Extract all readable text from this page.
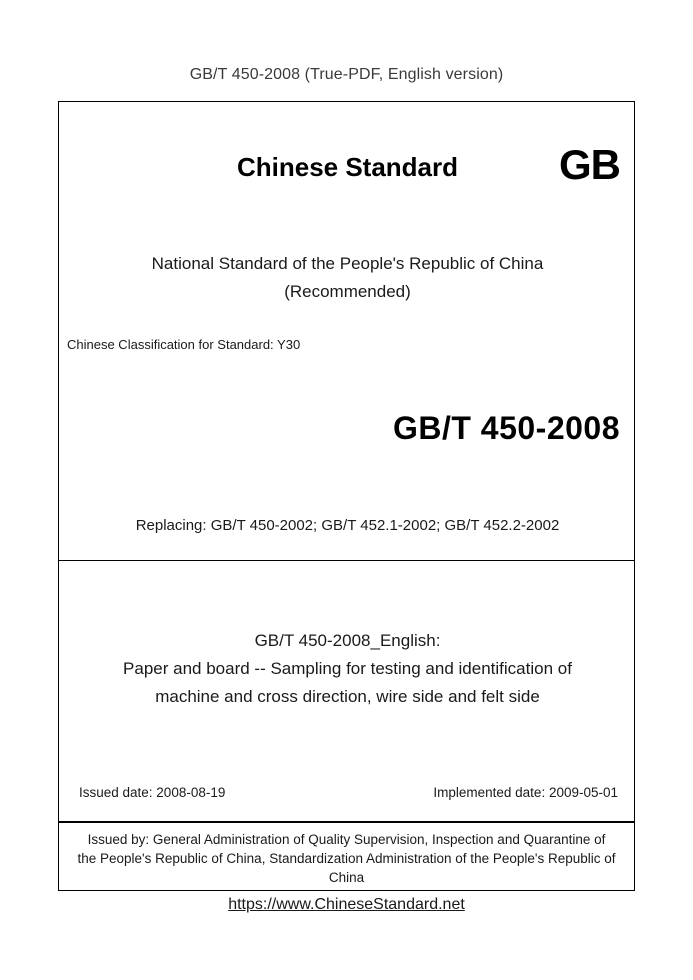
GB/T 450-2008 (True-PDF, English version)
Chinese Standard	GB
National Standard of the People's Republic of China
(Recommended)
Chinese Classification for Standard: Y30
GB/T 450-2008
Replacing: GB/T 450-2002; GB/T 452.1-2002; GB/T 452.2-2002
GB/T 450-2008_English:
Paper and board -- Sampling for testing and identification of
machine and cross direction, wire side and felt side
Issued date: 2008-08-19	Implemented date: 2009-05-01
Issued by: General Administration of Quality Supervision, Inspection and Quarantine of
the People's Republic of China, Standardization Administration of the People's Republic of
China
https://www.ChineseStandard.net
